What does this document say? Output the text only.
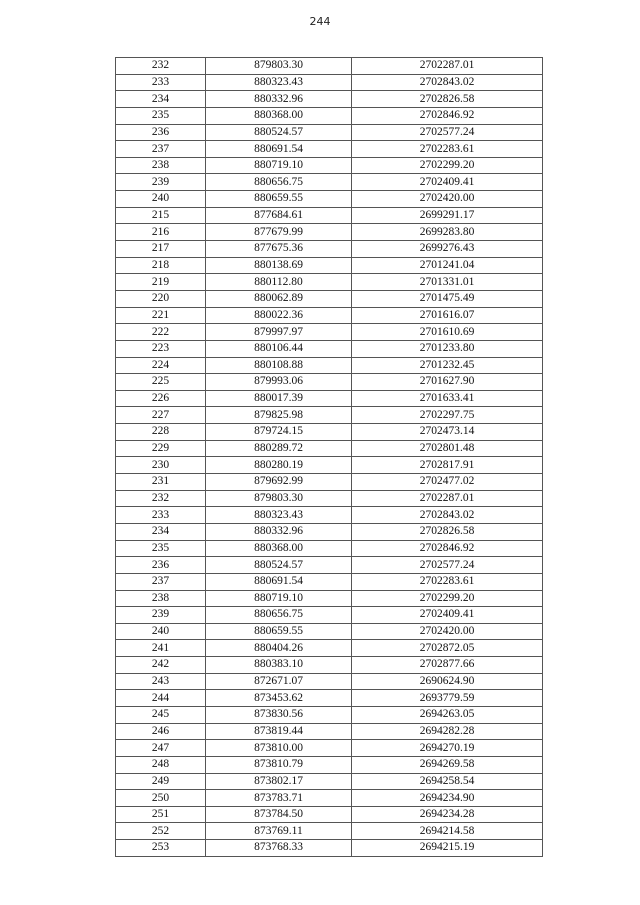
244
232	879803.30	2702287.01
233	880323.43	2702843.02
234	880332.96	2702826.58
235	880368.00	2702846.92
236	880524.57	2702577.24
237	880691.54	2702283.61
238	880719.10	2702299.20
239	880656.75	2702409.41
240	880659.55	2702420.00
215	877684.61	2699291.17
216	877679.99	2699283.80
217	877675.36	2699276.43
218	880138.69	2701241.04
219	880112.80	2701331.01
220	880062.89	2701475.49
221	880022.36	2701616.07
222	879997.97	2701610.69
223	880106.44	2701233.80
224	880108.88	2701232.45
225	879993.06	2701627.90
226	880017.39	2701633.41
227	879825.98	2702297.75
228	879724.15	2702473.14
229	880289.72	2702801.48
230	880280.19	2702817.91
231	879692.99	2702477.02
232	879803.30	2702287.01
233	880323.43	2702843.02
234	880332.96	2702826.58
235	880368.00	2702846.92
236	880524.57	2702577.24
237	880691.54	2702283.61
238	880719.10	2702299.20
239	880656.75	2702409.41
240	880659.55	2702420.00
241	880404.26	2702872.05
242	880383.10	2702877.66
243	872671.07	2690624.90
244	873453.62	2693779.59
245	873830.56	2694263.05
246	873819.44	2694282.28
247	873810.00	2694270.19
248	873810.79	2694269.58
249	873802.17	2694258.54
250	873783.71	2694234.90
251	873784.50	2694234.28
252	873769.11	2694214.58
253	873768.33	2694215.19
